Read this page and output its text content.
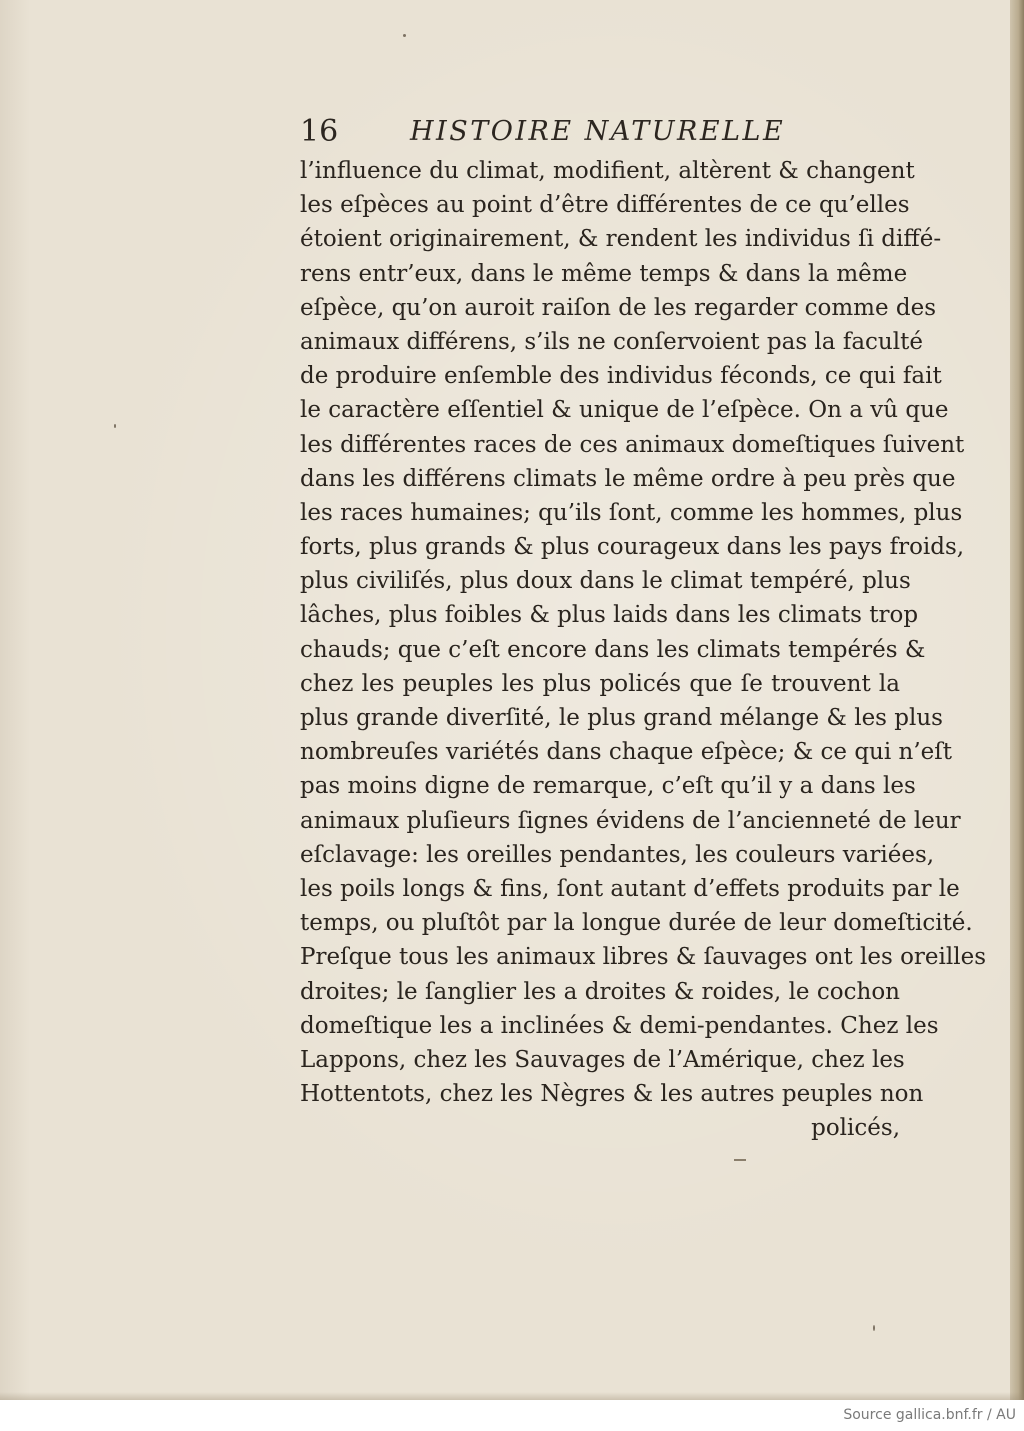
16	HISTOIRE NATURELLE
l’influence du climat, modifient, altèrent & changent
les eſpèces au point d’être différentes de ce qu’elles
étoient originairement, & rendent les individus ſi diffé-
rens entr’eux, dans le même temps & dans la même
eſpèce, qu’on auroit raiſon de les regarder comme des
animaux différens, s’ils ne conſervoient pas la faculté
de produire enſemble des individus féconds, ce qui fait
le caractère eſſentiel & unique de l’eſpèce. On a vû que
les différentes races de ces animaux domeſtiques ſuivent
dans les différens climats le même ordre à peu près que
les races humaines; qu’ils ſont, comme les hommes, plus
forts, plus grands & plus courageux dans les pays froids,
plus civiliſés, plus doux dans le climat tempéré, plus
lâches, plus foibles & plus laids dans les climats trop
chauds; que c’eſt encore dans les climats tempérés &
chez les peuples les plus policés que ſe trouvent la
plus grande diverſité, le plus grand mélange & les plus
nombreuſes variétés dans chaque eſpèce; & ce qui n’eſt
pas moins digne de remarque, c’eſt qu’il y a dans les
animaux pluſieurs ſignes évidens de l’ancienneté de leur
eſclavage: les oreilles pendantes, les couleurs variées,
les poils longs & fins, ſont autant d’effets produits par le
temps, ou pluſtôt par la longue durée de leur domeſticité.
Preſque tous les animaux libres & ſauvages ont les oreilles
droites; le ſanglier les a droites & roides, le cochon
domeſtique les a inclinées & demi-pendantes. Chez les
Lappons, chez les Sauvages de l’Amérique, chez les
Hottentots, chez les Nègres & les autres peuples non
policés,
Source gallica.bnf.fr / AU
